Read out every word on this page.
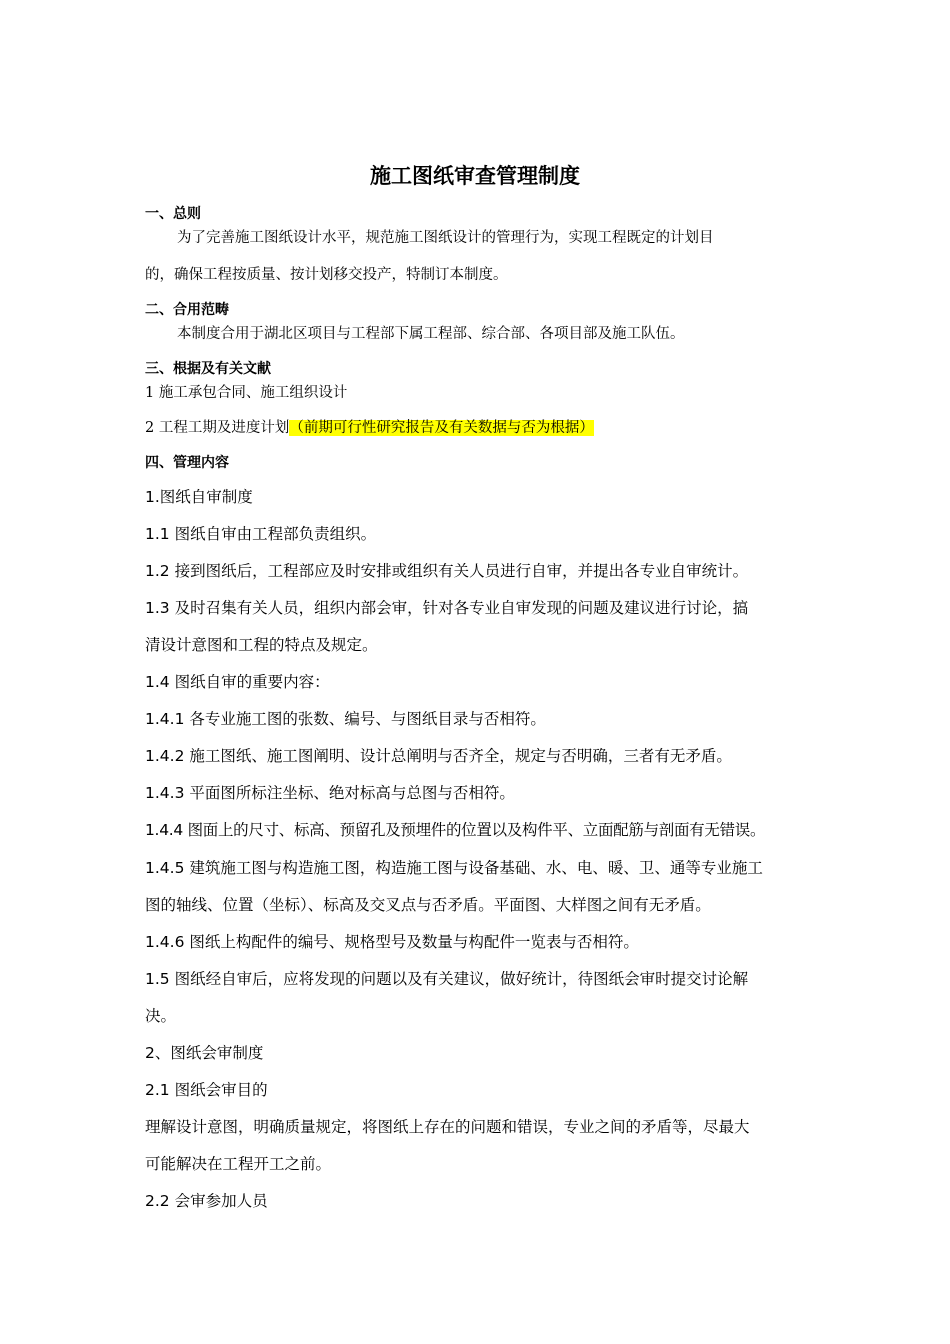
施工图纸审查管理制度

一、总则

为了完善施工图纸设计水平，规范施工图纸设计的管理行为，实现工程既定的计划目

的，确保工程按质量、按计划移交投产，特制订本制度。

二、合用范畴

本制度合用于湖北区项目与工程部下属工程部、综合部、各项目部及施工队伍。

三、根据及有关文献

1 施工承包合同、施工组织设计

2 工程工期及进度计划（前期可行性研究报告及有关数据与否为根据）

四、管理内容

1.图纸自审制度

1.1 图纸自审由工程部负责组织。

1.2 接到图纸后，工程部应及时安排或组织有关人员进行自审，并提出各专业自审统计。

1.3 及时召集有关人员，组织内部会审，针对各专业自审发现的问题及建议进行讨论，搞

清设计意图和工程的特点及规定。

1.4 图纸自审的重要内容：

1.4.1 各专业施工图的张数、编号、与图纸目录与否相符。

1.4.2 施工图纸、施工图阐明、设计总阐明与否齐全，规定与否明确，三者有无矛盾。

1.4.3 平面图所标注坐标、绝对标高与总图与否相符。

1.4.4 图面上的尺寸、标高、预留孔及预埋件的位置以及构件平、立面配筋与剖面有无错误。

1.4.5 建筑施工图与构造施工图，构造施工图与设备基础、水、电、暖、卫、通等专业施工

图的轴线、位置（坐标）、标高及交叉点与否矛盾。平面图、大样图之间有无矛盾。

1.4.6 图纸上构配件的编号、规格型号及数量与构配件一览表与否相符。

1.5 图纸经自审后，应将发现的问题以及有关建议，做好统计，待图纸会审时提交讨论解

决。

2、图纸会审制度

2.1 图纸会审目的

理解设计意图，明确质量规定，将图纸上存在的问题和错误，专业之间的矛盾等，尽最大

可能解决在工程开工之前。

2.2 会审参加人员
